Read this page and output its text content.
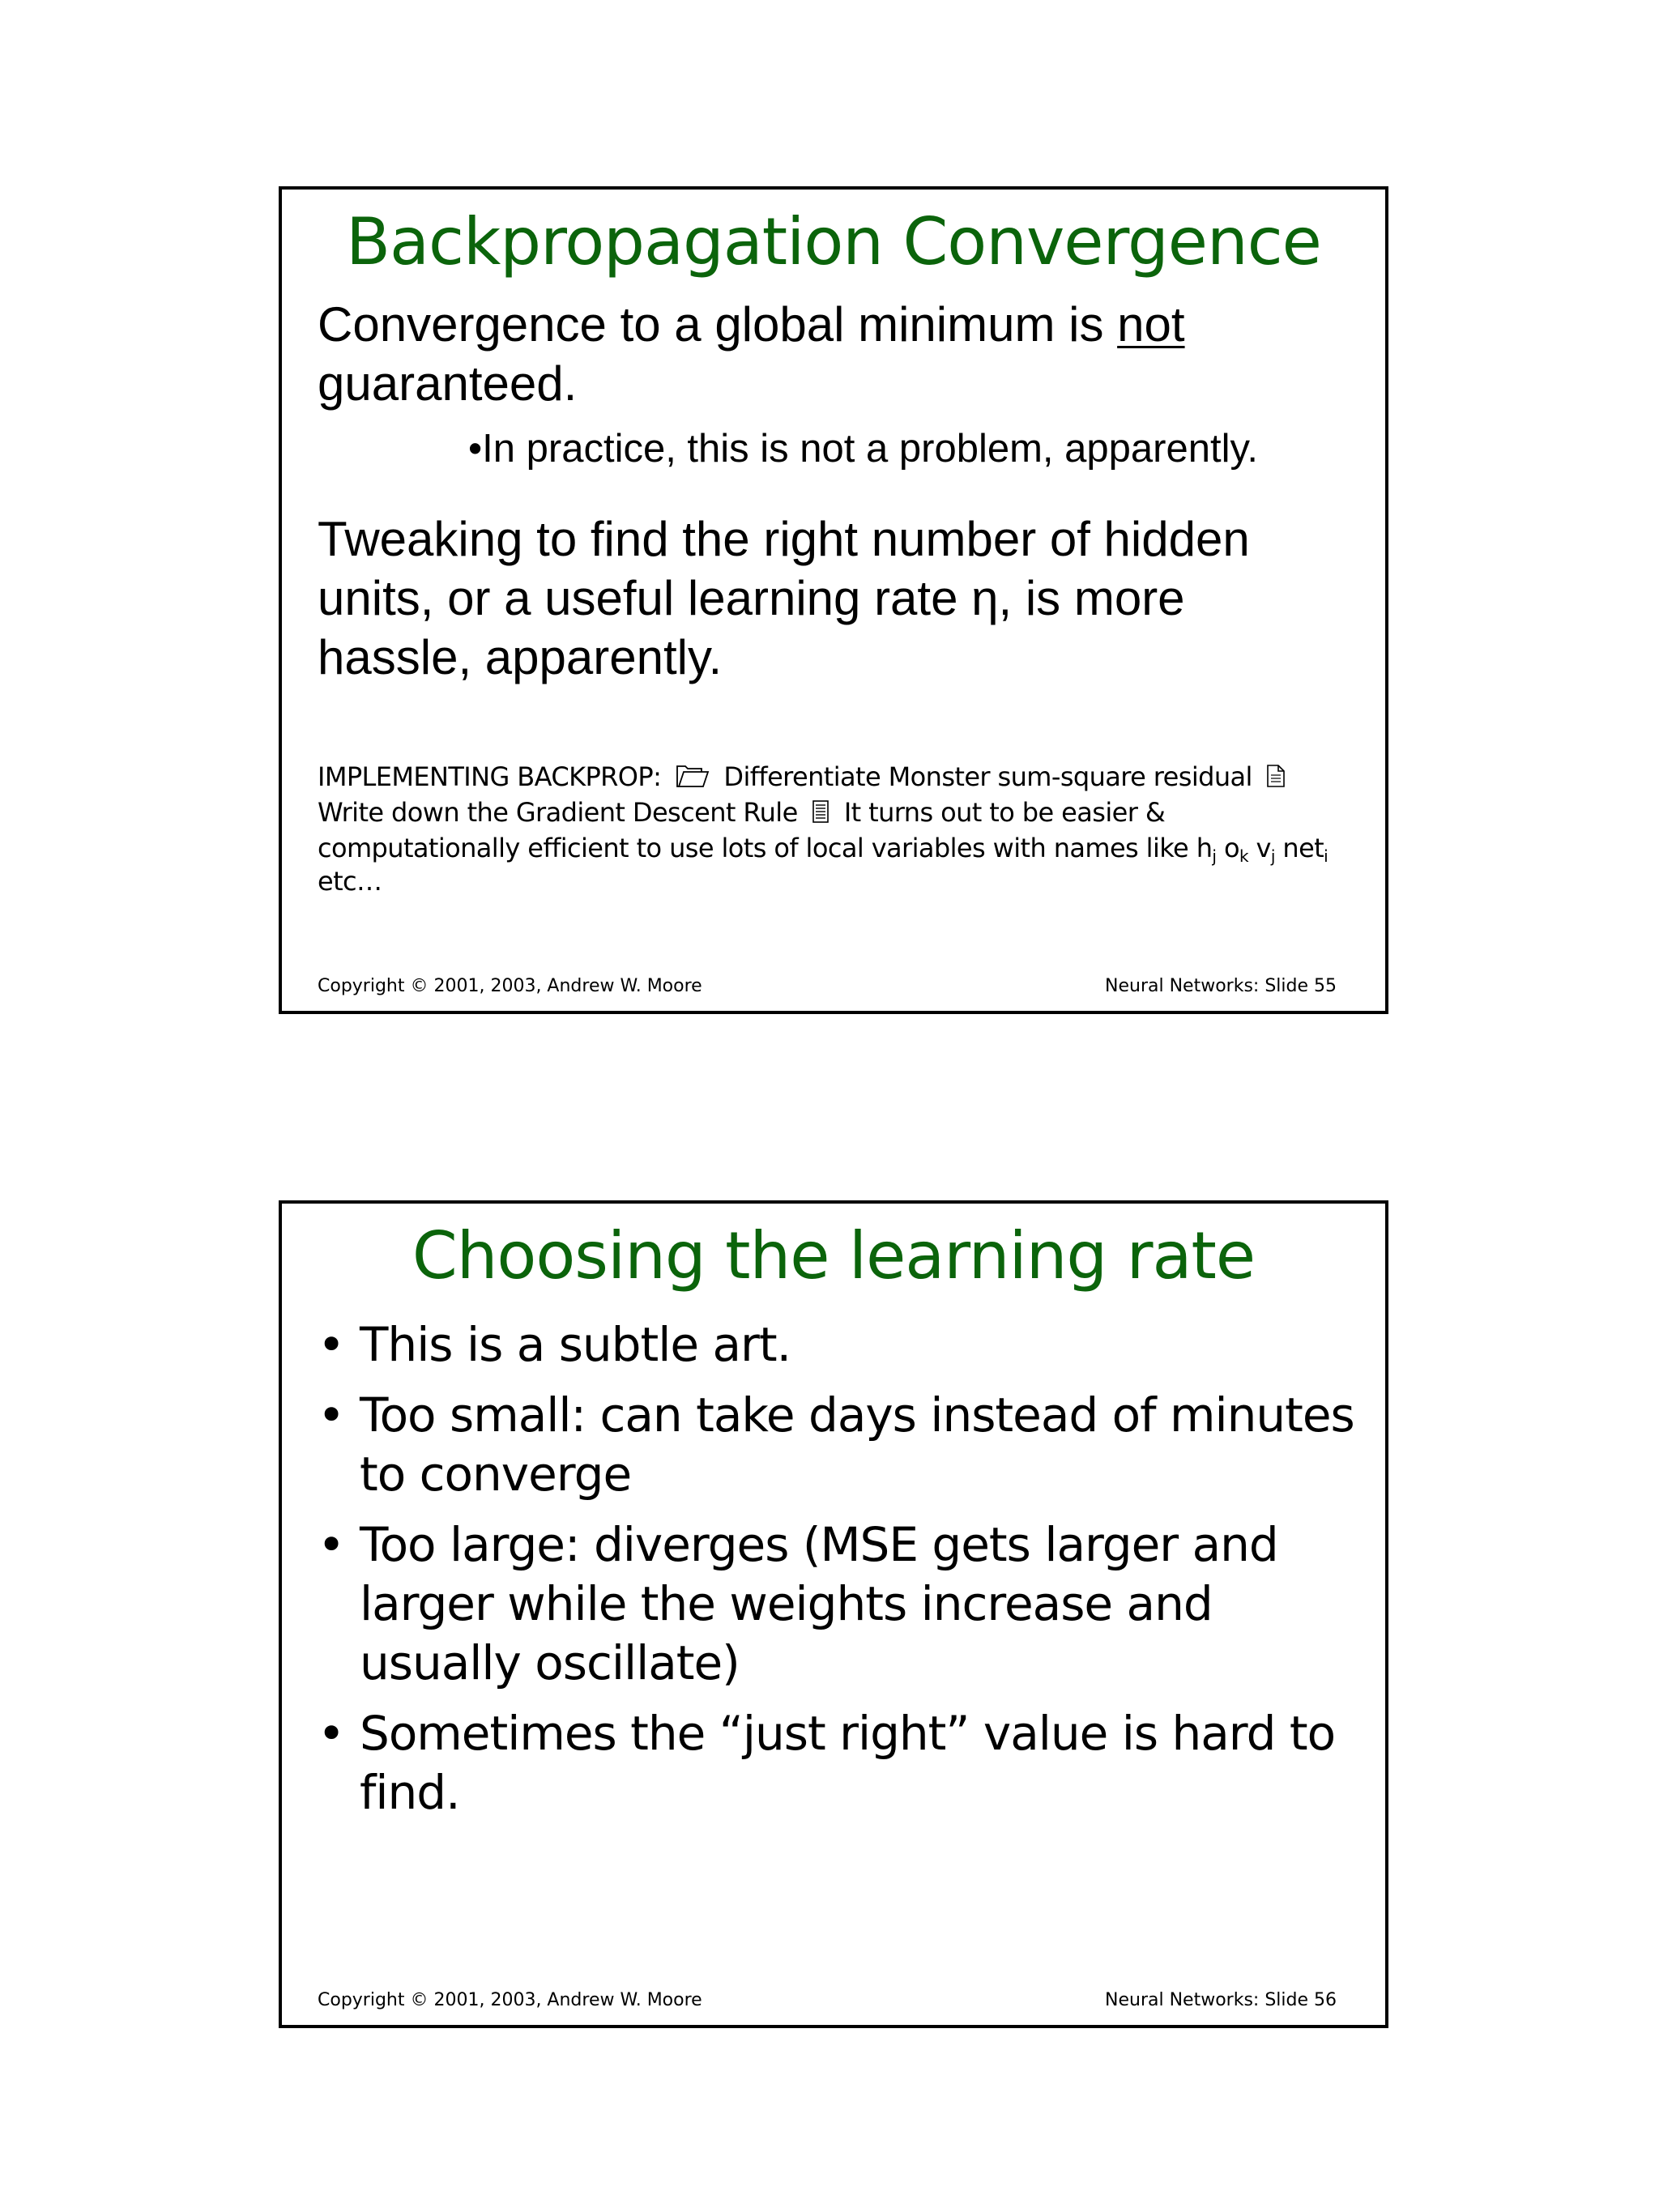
Backpropagation Convergence
Convergence to a global minimum is not
guaranteed.
•In practice, this is not a problem, apparently.
Tweaking to find the right number of hidden
units, or a useful learning rate η, is more
hassle, apparently.
IMPLEMENTING BACKPROP: Differentiate Monster sum-square residual
Write down the Gradient Descent Rule It turns out to be easier &
computationally efficient to use lots of local variables with names like $h_j$ $o_k$ $v_j$ net$_i$
etc…
Copyright © 2001, 2003, Andrew W. Moore	Neural Networks: Slide 55
Choosing the learning rate
• This is a subtle art.
• Too small: can take days instead of minutes
to converge
• Too large: diverges (MSE gets larger and
larger while the weights increase and
usually oscillate)
• Sometimes the “just right” value is hard to
find.
Copyright © 2001, 2003, Andrew W. Moore	Neural Networks: Slide 56
